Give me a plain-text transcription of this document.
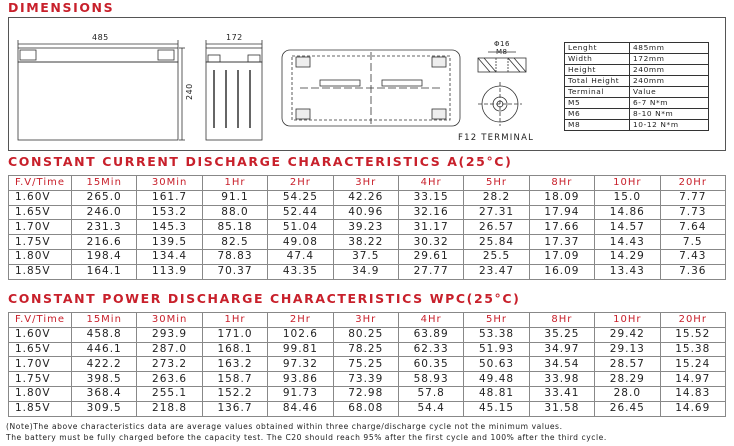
DIMENSIONS
485
240
172
Φ16
M8
F12 TERMINAL
Lenght	485mm
Width	172mm
Height	240mm
Total Height	240mm
Terminal	Value
M5	6-7 N*m
M6	8-10 N*m
M8	10-12 N*m
CONSTANT CURRENT DISCHARGE CHARACTERISTICS A(25°C)
F.V/Time	15Min	30Min	1Hr	2Hr	3Hr	4Hr	5Hr	8Hr	10Hr	20Hr
1.60V	265.0	161.7	91.1	54.25	42.26	33.15	28.2	18.09	15.0	7.77
1.65V	246.0	153.2	88.0	52.44	40.96	32.16	27.31	17.94	14.86	7.73
1.70V	231.3	145.3	85.18	51.04	39.23	31.17	26.57	17.66	14.57	7.64
1.75V	216.6	139.5	82.5	49.08	38.22	30.32	25.84	17.37	14.43	7.5
1.80V	198.4	134.4	78.83	47.4	37.5	29.61	25.5	17.09	14.29	7.43
1.85V	164.1	113.9	70.37	43.35	34.9	27.77	23.47	16.09	13.43	7.36
CONSTANT POWER DISCHARGE CHARACTERISTICS WPC(25°C)
F.V/Time	15Min	30Min	1Hr	2Hr	3Hr	4Hr	5Hr	8Hr	10Hr	20Hr
1.60V	458.8	293.9	171.0	102.6	80.25	63.89	53.38	35.25	29.42	15.52
1.65V	446.1	287.0	168.1	99.81	78.25	62.33	51.93	34.97	29.13	15.38
1.70V	422.2	273.2	163.2	97.32	75.25	60.35	50.63	34.54	28.57	15.24
1.75V	398.5	263.6	158.7	93.86	73.39	58.93	49.48	33.98	28.29	14.97
1.80V	368.4	255.1	152.2	91.73	72.98	57.8	48.81	33.41	28.0	14.83
1.85V	309.5	218.8	136.7	84.46	68.08	54.4	45.15	31.58	26.45	14.69
(Note)The above characteristics data are average values obtained within three charge/discharge cycle not the minimum values.
The battery must be fully charged before the capacity test. The C20 should reach 95% after the first cycle and 100% after the third cycle.
